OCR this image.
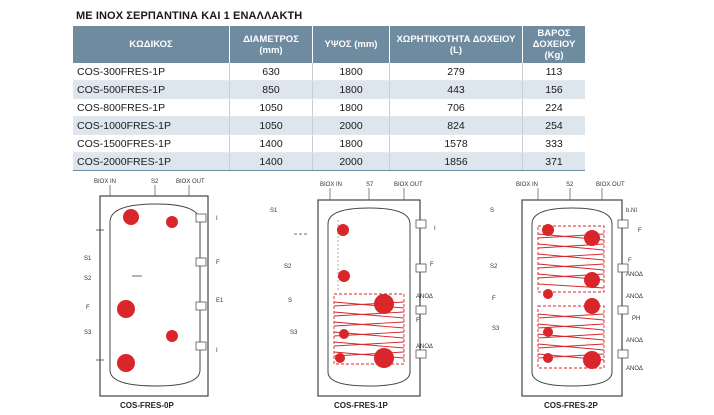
ΜΕ ΙΝΟΧ ΣΕΡΠΑΝΤΙΝΑ ΚΑΙ 1 ΕΝΑΛΛΑΚΤΗ
ΚΩΔΙΚΟΣ	ΔΙΑΜΕΤΡΟΣ (mm)	ΥΨΟΣ (mm)	ΧΩΡΗΤΙΚΟΤΗΤΑ ΔΟΧΕΙΟΥ (L)	ΒΑΡΟΣ ΔΟΧΕΙΟΥ (Kg)
COS-300FRES-1P	630	1800	279	113
COS-500FRES-1P	850	1800	443	156
COS-800FRES-1P	1050	1800	706	224
COS-1000FRES-1P	1050	2000	824	254
COS-1500FRES-1P	1400	1800	1578	333
COS-2000FRES-1P	1400	2000	1856	371
BIOX IN	S2	BIOX OUT
S1
S2
F
S3
F
E1
I
I
COS-FRES-0P
BIOX IN	S7	BIOX OUT
S1
S2
S
S3
I
F
ΑΝΟΔ
F
ΑΝΟΔ
COS-FRES-1P
BIOX IN	S2	BIOX OUT
S
S2
F
F
S3
F
PH
ΑΝΟΔ
ΑΝΟΔ
ΑΝΟΔ
ΑΝΟΔ
b.NI
COS-FRES-2P
